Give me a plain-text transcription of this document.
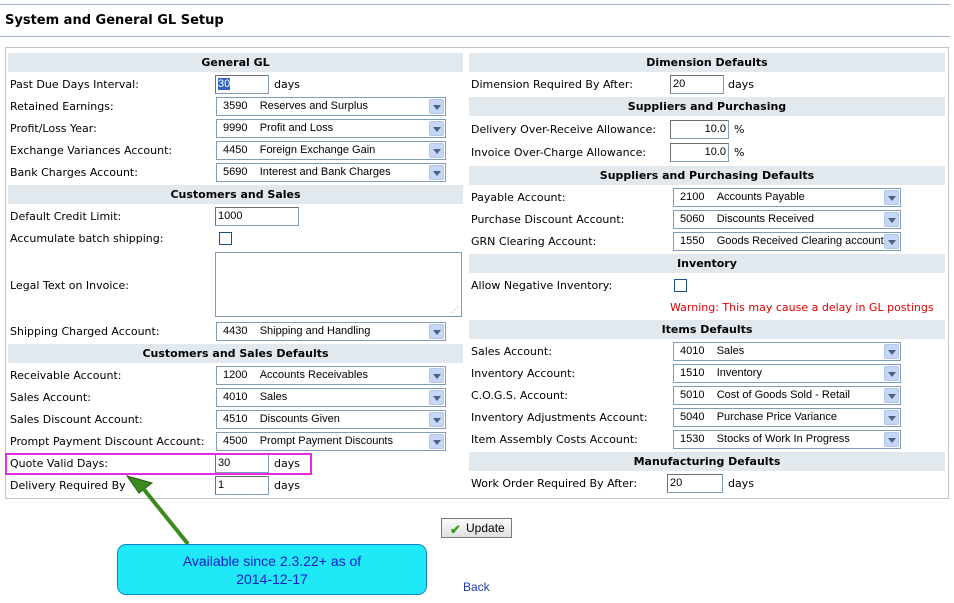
System and General GL Setup
General GL
Past Due Days Interval:	30	days
Retained Earnings:	3590 Reserves and Surplus
Profit/Loss Year:	9990 Profit and Loss
Exchange Variances Account:	4450 Foreign Exchange Gain
Bank Charges Account:	5690 Interest and Bank Charges
Customers and Sales
Default Credit Limit:	1000
Accumulate batch shipping:
Legal Text on Invoice:
⋰
Shipping Charged Account:	4430 Shipping and Handling
Customers and Sales Defaults
Receivable Account:	1200 Accounts Receivables
Sales Account:	4010 Sales
Sales Discount Account:	4510 Discounts Given
Prompt Payment Discount Account:	4500 Prompt Payment Discounts
Quote Valid Days:	30	days
Delivery Required By	1	days
Dimension Defaults
Dimension Required By After:	20	days
Suppliers and Purchasing
Delivery Over-Receive Allowance:	10.0 %
Invoice Over-Charge Allowance:	10.0 %
Suppliers and Purchasing Defaults
Payable Account:	2100 Accounts Payable
Purchase Discount Account:	5060 Discounts Received
GRN Clearing Account:	1550 Goods Received Clearing account
Inventory
Allow Negative Inventory:
Warning: This may cause a delay in GL postings
Items Defaults
Sales Account:	4010 Sales
Inventory Account:	1510 Inventory
C.O.G.S. Account:	5010 Cost of Goods Sold - Retail
Inventory Adjustments Account:	5040 Purchase Price Variance
Item Assembly Costs Account:	1530 Stocks of Work In Progress
Manufacturing Defaults
Work Order Required By After:	20	days
Available since 2.3.22+ as of
2014-12-17
✔ Update
Back
